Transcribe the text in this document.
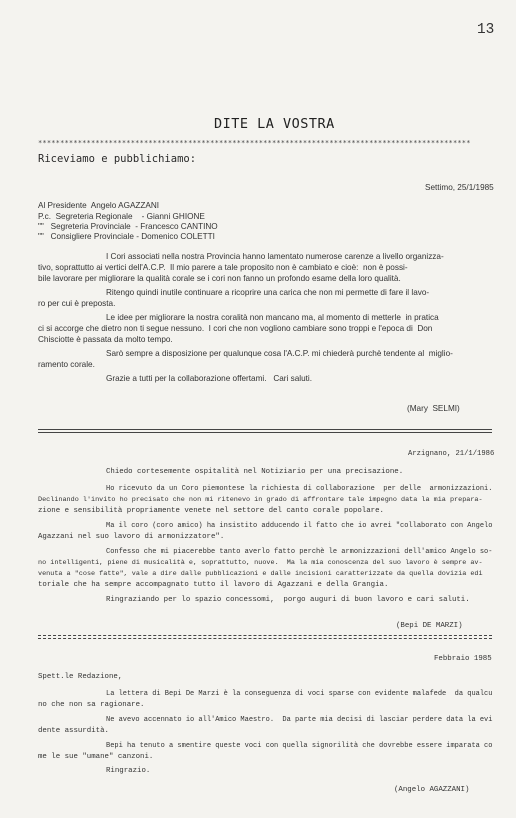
13
DITE LA VOSTRA
**************************************************************************************************
Riceviamo e pubblichiamo:
Settimo, 25/1/1985
Al Presidente  Angelo AGAZZANI
P.c.  Segreteria Regionale    - Gianni GHIONE
""   Segreteria Provinciale  - Francesco CANTINO
""   Consigliere Provinciale - Domenico COLETTI
I Cori associati nella nostra Provincia hanno lamentato numerose carenze a livello organizza-
tivo, soprattutto ai vertici dell'A.C.P.  Il mio parere a tale proposito non è cambiato e cioè:  non è possi-
bile lavorare per migliorare la qualità corale se i cori non fanno un profondo esame della loro qualità.
Ritengo quindi inutile continuare a ricoprire una carica che non mi permette di fare il lavo-
ro per cui è preposta.
Le idee per migliorare la nostra coralità non mancano ma, al momento di metterle  in pratica
ci si accorge che dietro non ti segue nessuno.  I cori che non vogliono cambiare sono troppi e l'epoca di  Don
Chisciotte è passata da molto tempo.
Sarò sempre a disposizione per qualunque cosa l'A.C.P. mi chiederà purchè tendente al  miglio-
ramento corale.
Grazie a tutti per la collaborazione offertami.   Cari saluti.
(Mary  SELMI)
Arzignano, 21/1/1986
Chiedo cortesemente ospitalità nel Notiziario per una precisazione.
Ho ricevuto da un Coro piemontese la richiesta di collaborazione  per delle  armonizzazioni.
Declinando l'invito ho precisato che non mi ritenevo in grado di affrontare tale impegno data la mia prepara-
zione e sensibilità propriamente venete nel settore del canto corale popolare.
Ma il coro (coro amico) ha insistito adducendo il fatto che io avrei "collaborato con Angelo
Agazzani nel suo lavoro di armonizzatore".
Confesso che mi piacerebbe tanto averlo fatto perchè le armonizzazioni dell'amico Angelo so-
no intelligenti, piene di musicalità e, soprattutto, nuove.  Ma la mia conoscenza del suo lavoro è sempre av-
venuta a "cose fatte", vale a dire dalle pubblicazioni e dalle incisioni caratterizzate da quella dovizia edi
toriale che ha sempre accompagnato tutto il lavoro di Agazzani e della Grangia.
Ringraziando per lo spazio concessomi,  porgo auguri di buon lavoro e cari saluti.
(Bepi DE MARZI)
Febbraio 1985
Spett.le Redazione,
La lettera di Bepi De Marzi è la conseguenza di voci sparse con evidente malafede  da qualcu
no che non sa ragionare.
Ne avevo accennato io all'Amico Maestro.  Da parte mia decisi di lasciar perdere data la evi
dente assurdità.
Bepi ha tenuto a smentire queste voci con quella signorilità che dovrebbe essere imparata co
me le sue "umane" canzoni.
Ringrazio.
(Angelo AGAZZANI)
